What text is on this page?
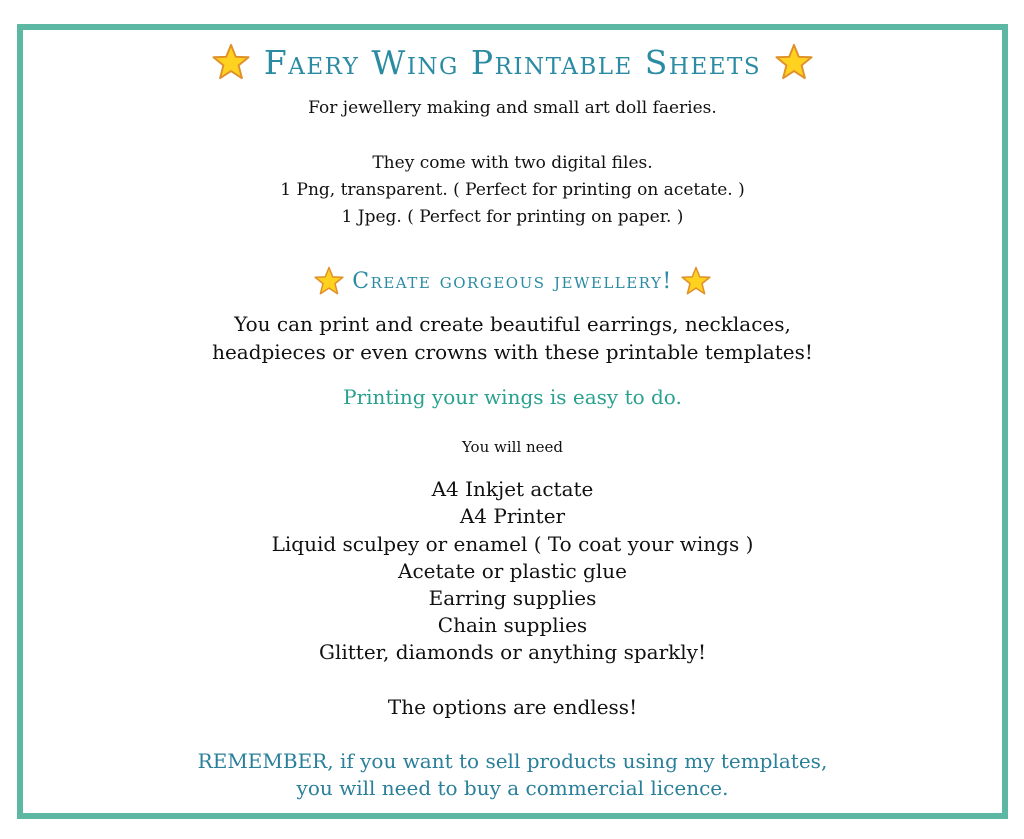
Faery Wing Printable Sheets

For jewellery making and small art doll faeries.

They come with two digital files.

1 Png, transparent. ( Perfect for printing on acetate. )

1 Jpeg. ( Perfect for printing on paper. )

Create gorgeous jewellery!

You can print and create beautiful earrings, necklaces,

headpieces or even crowns with these printable templates!

Printing your wings is easy to do.

You will need

A4 Inkjet actate

A4 Printer

Liquid sculpey or enamel ( To coat your wings )

Acetate or plastic glue

Earring supplies

Chain supplies

Glitter, diamonds or anything sparkly!

The options are endless!

REMEMBER, if you want to sell products using my templates,

you will need to buy a commercial licence.
